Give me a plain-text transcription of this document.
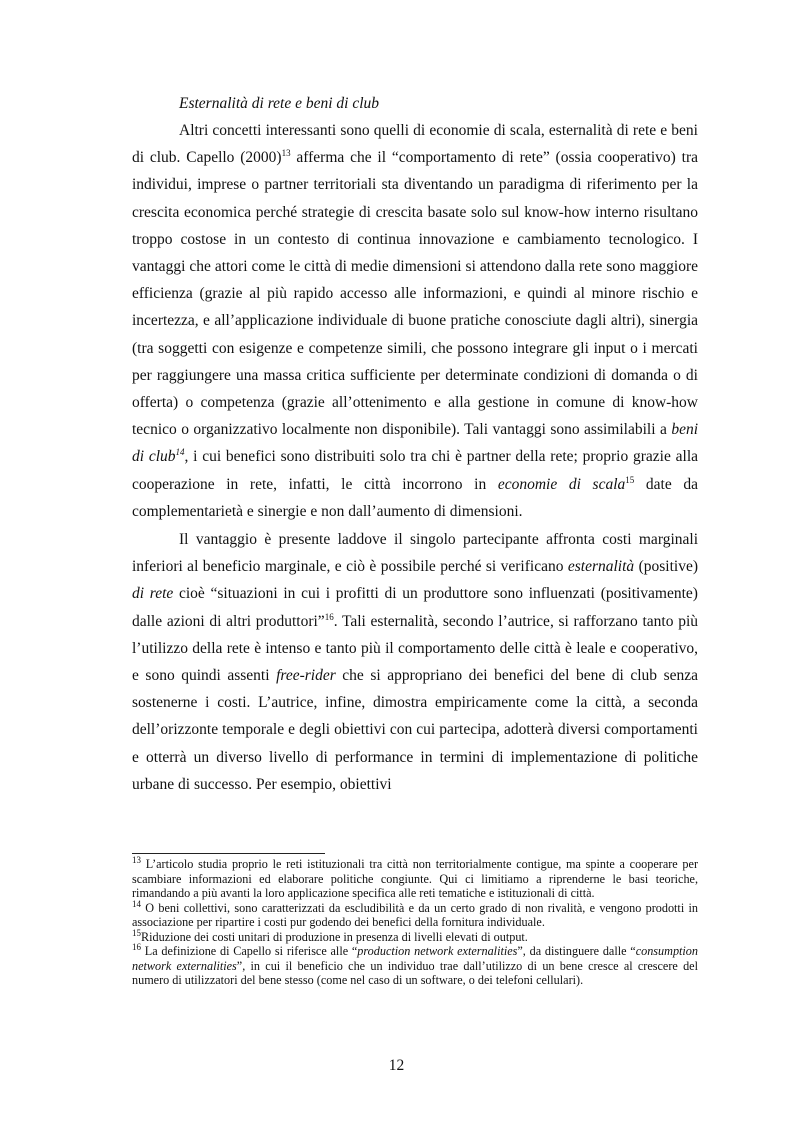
Esternalità di rete e beni di club

Altri concetti interessanti sono quelli di economie di scala, esternalità di rete e beni di club. Capello $(2000)^{13}$ afferma che il “comportamento di rete” (ossia cooperativo) tra individui, imprese o partner territoriali sta diventando un paradigma di riferimento per la crescita economica perché strategie di crescita basate solo sul know-how interno risultano troppo costose in un contesto di continua innovazione e cambiamento tecnologico. I vantaggi che attori come le città di medie dimensioni si attendono dalla rete sono maggiore efficienza (grazie al più rapido accesso alle informazioni, e quindi al minore rischio e incertezza, e all’applicazione individuale di buone pratiche conosciute dagli altri), sinergia (tra soggetti con esigenze e competenze simili, che possono integrare gli input o i mercati per raggiungere una massa critica sufficiente per determinate condizioni di domanda o di offerta) o competenza (grazie all’ottenimento e alla gestione in comune di know-how tecnico o organizzativo localmente non disponibile). Tali vantaggi sono assimilabili a beni di club$^{14}$, i cui benefici sono distribuiti solo tra chi è partner della rete; proprio grazie alla cooperazione in rete, infatti, le città incorrono in economie di scala$^{15}$ date da complementarietà e sinergie e non dall’aumento di dimensioni.

Il vantaggio è presente laddove il singolo partecipante affronta costi marginali inferiori al beneficio marginale, e ciò è possibile perché si verificano esternalità (positive) di rete cioè “situazioni in cui i profitti di un produttore sono influenzati (positivamente) dalle azioni di altri produttori”$^{16}$. Tali esternalità, secondo l’autrice, si rafforzano tanto più l’utilizzo della rete è intenso e tanto più il comportamento delle città è leale e cooperativo, e sono quindi assenti free-rider che si appropriano dei benefici del bene di club senza sostenerne i costi. L’autrice, infine, dimostra empiricamente come la città, a seconda dell’orizzonte temporale e degli obiettivi con cui partecipa, adotterà diversi comportamenti e otterrà un diverso livello di performance in termini di implementazione di politiche urbane di successo. Per esempio, obiettivi

$^{13}$ L’articolo studia proprio le reti istituzionali tra città non territorialmente contigue, ma spinte a cooperare per scambiare informazioni ed elaborare politiche congiunte. Qui ci limitiamo a riprenderne le basi teoriche, rimandando a più avanti la loro applicazione specifica alle reti tematiche e istituzionali di città.

$^{14}$ O beni collettivi, sono caratterizzati da escludibilità e da un certo grado di non rivalità, e vengono prodotti in associazione per ripartire i costi pur godendo dei benefici della fornitura individuale.

$^{15}$Riduzione dei costi unitari di produzione in presenza di livelli elevati di output.

$^{16}$ La definizione di Capello si riferisce alle “production network externalities”, da distinguere dalle “consumption network externalities”, in cui il beneficio che un individuo trae dall’utilizzo di un bene cresce al crescere del numero di utilizzatori del bene stesso (come nel caso di un software, o dei telefoni cellulari).

12
